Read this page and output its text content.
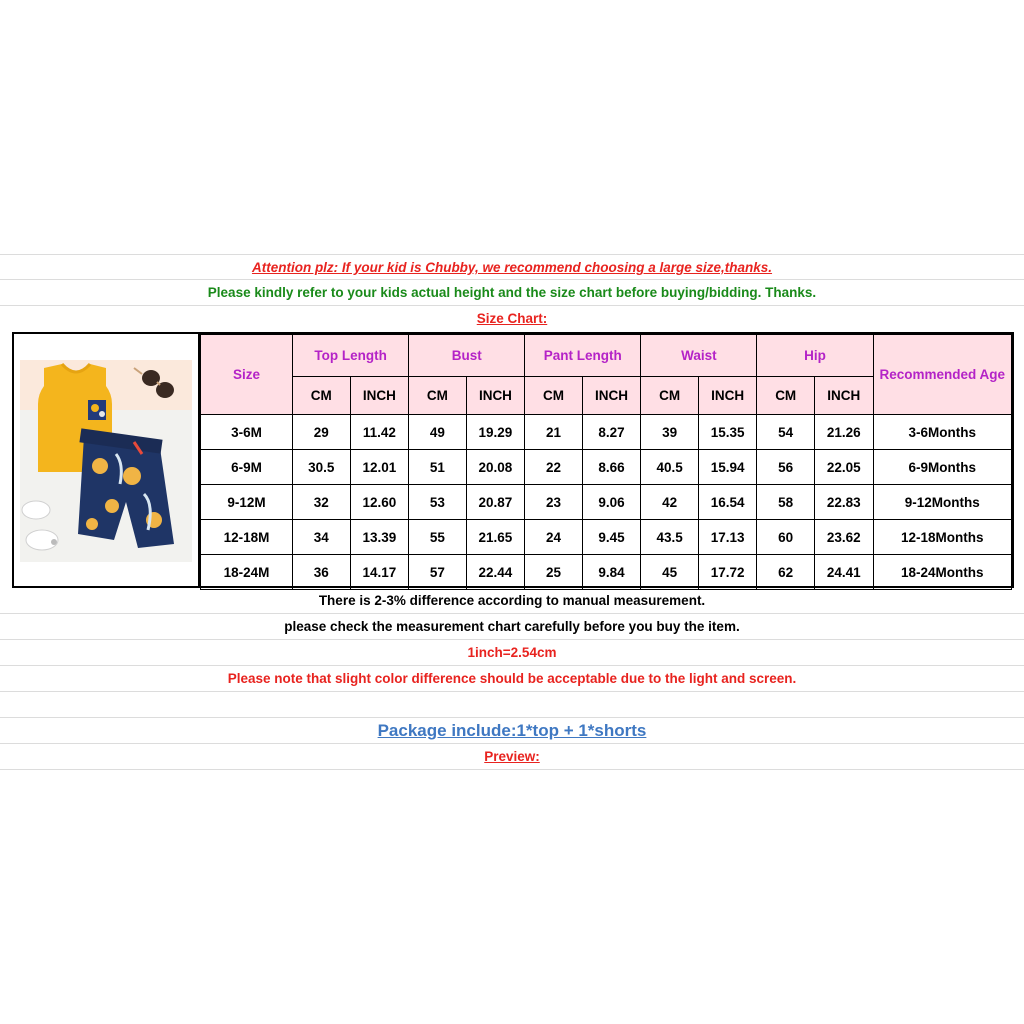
Attention plz: If your kid is Chubby, we recommend choosing a large size,thanks.
Please kindly refer to your kids actual height and the size chart before buying/bidding. Thanks.
Size Chart:
Size	Top Length		Bust		Pant Length		Waist		Hip		Recommended Age
	CM	INCH	CM	INCH	CM	INCH	CM	INCH	CM	INCH	
3-6M	29	11.42	49	19.29	21	8.27	39	15.35	54	21.26	3-6Months
6-9M	30.5	12.01	51	20.08	22	8.66	40.5	15.94	56	22.05	6-9Months
9-12M	32	12.60	53	20.87	23	9.06	42	16.54	58	22.83	9-12Months
12-18M	34	13.39	55	21.65	24	9.45	43.5	17.13	60	23.62	12-18Months
18-24M	36	14.17	57	22.44	25	9.84	45	17.72	62	24.41	18-24Months
There is 2-3% difference according to manual measurement.
please check the measurement chart carefully before you buy the item.
1inch=2.54cm
Please note that slight color difference should be acceptable due to the light and screen.
Package include:1*top + 1*shorts
Preview:
